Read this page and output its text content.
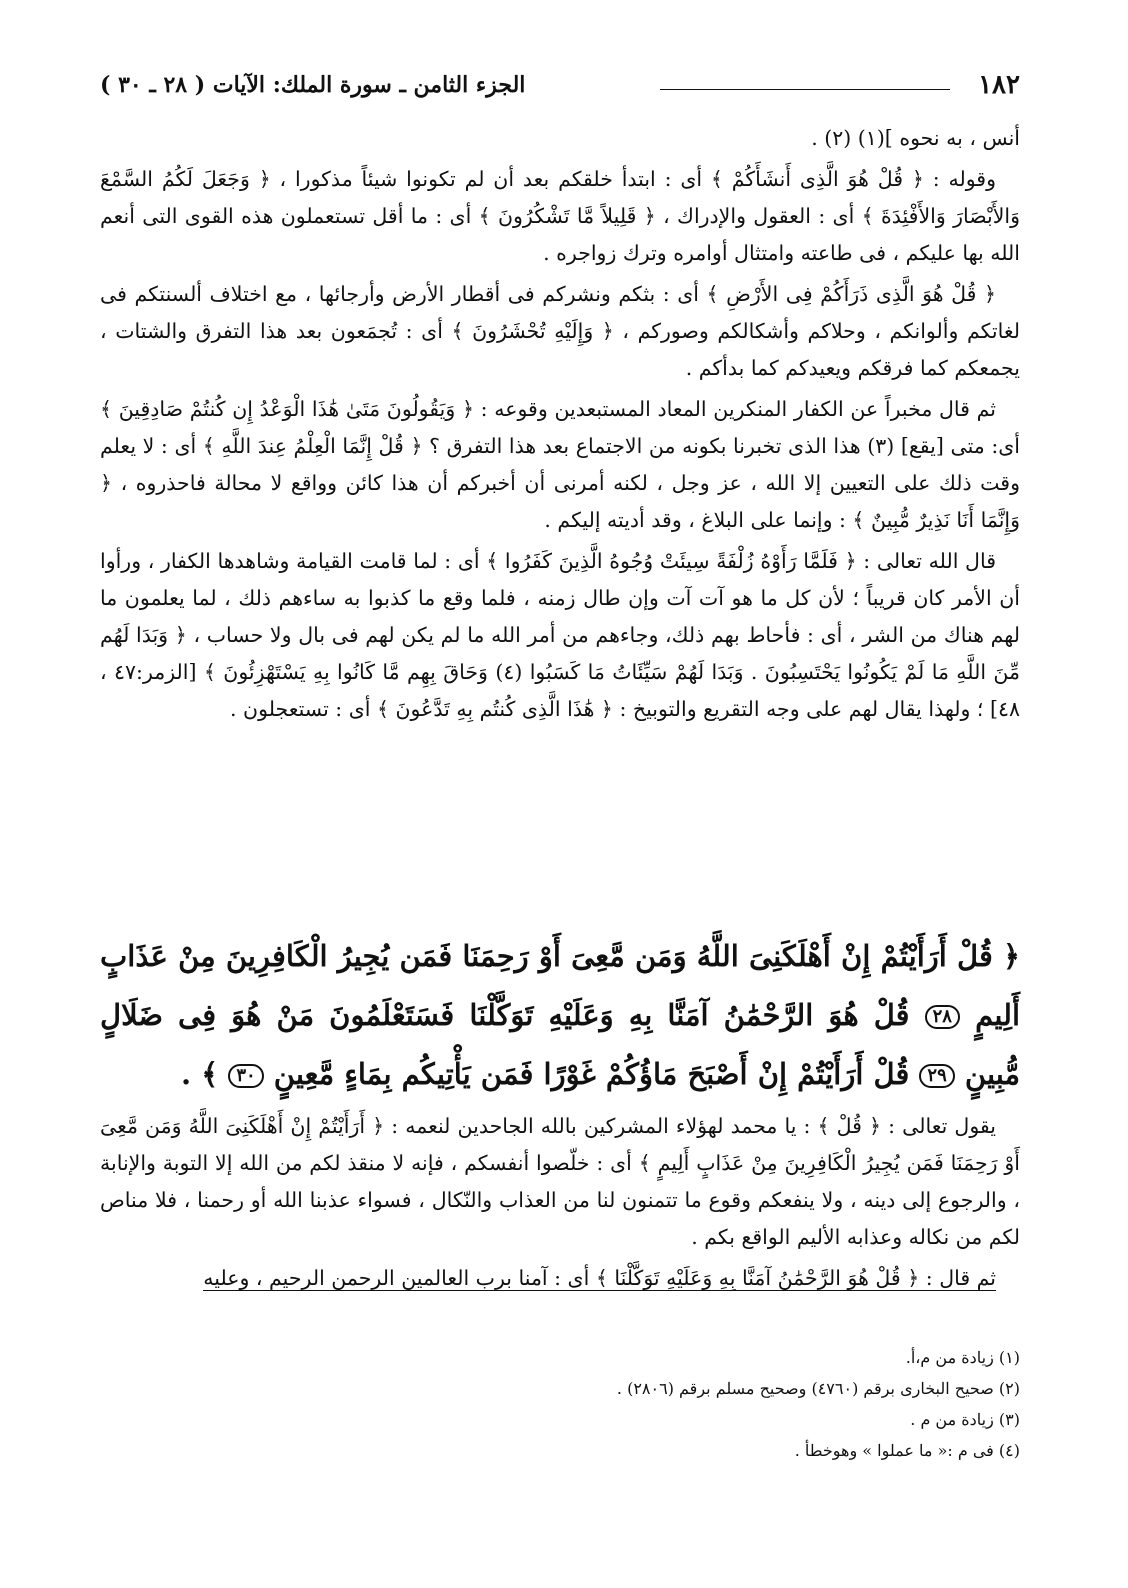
١٨٢
الجزء الثامن ـ سورة الملك: الآيات ( ٢٨ ـ ٣٠ )

أنس ، به نحوه ](١) (٢) .

وقوله : ﴿ قُلْ هُوَ الَّذِى أَنشَأَكُمْ ﴾ أى : ابتدأ خلقكم بعد أن لم تكونوا شيئاً مذكورا ، ﴿ وَجَعَلَ لَكُمُ السَّمْعَ وَالأَبْصَارَ وَالأَفْئِدَةَ ﴾ أى : العقول والإدراك ، ﴿ قَلِيلاً مَّا تَشْكُرُونَ ﴾ أى : ما أقل تستعملون هذه القوى التى أنعم الله بها عليكم ، فى طاعته وامتثال أوامره وترك زواجره .

﴿ قُلْ هُوَ الَّذِى ذَرَأَكُمْ فِى الأَرْضِ ﴾ أى : بثكم ونشركم فى أقطار الأرض وأرجائها ، مع اختلاف ألسنتكم فى لغاتكم وألوانكم ، وحلاكم وأشكالكم وصوركم ، ﴿ وَإِلَيْهِ تُحْشَرُونَ ﴾ أى : تُجمَعون بعد هذا التفرق والشتات ، يجمعكم كما فرقكم ويعيدكم كما بدأكم .

ثم قال مخبراً عن الكفار المنكرين المعاد المستبعدين وقوعه : ﴿ وَيَقُولُونَ مَتَىٰ هَٰذَا الْوَعْدُ إِن كُنتُمْ صَادِقِينَ ﴾ أى: متى [يقع] (٣) هذا الذى تخبرنا بكونه من الاجتماع بعد هذا التفرق ؟ ﴿ قُلْ إِنَّمَا الْعِلْمُ عِندَ اللَّهِ ﴾ أى : لا يعلم وقت ذلك على التعيين إلا الله ، عز وجل ، لكنه أمرنى أن أخبركم أن هذا كائن وواقع لا محالة فاحذروه ، ﴿ وَإِنَّمَا أَنَا نَذِيرٌ مُّبِينٌ ﴾ : وإنما على البلاغ ، وقد أديته إليكم .

قال الله تعالى : ﴿ فَلَمَّا رَأَوْهُ زُلْفَةً سِيئَتْ وُجُوهُ الَّذِينَ كَفَرُوا ﴾ أى : لما قامت القيامة وشاهدها الكفار ، ورأوا أن الأمر كان قريباً ؛ لأن كل ما هو آت آت وإن طال زمنه ، فلما وقع ما كذبوا به ساءهم ذلك ، لما يعلمون ما لهم هناك من الشر ، أى : فأحاط بهم ذلك، وجاءهم من أمر الله ما لم يكن لهم فى بال ولا حساب ، ﴿ وَبَدَا لَهُم مِّنَ اللَّهِ مَا لَمْ يَكُونُوا يَحْتَسِبُونَ . وَبَدَا لَهُمْ سَيِّئَاتُ مَا كَسَبُوا (٤) وَحَاقَ بِهِم مَّا كَانُوا بِهِ يَسْتَهْزِئُونَ ﴾ [الزمر:٤٧ ، ٤٨] ؛ ولهذا يقال لهم على وجه التقريع والتوبيخ : ﴿ هَٰذَا الَّذِى كُنتُم بِهِ تَدَّعُونَ ﴾ أى : تستعجلون .

﴿ قُلْ أَرَأَيْتُمْ إِنْ أَهْلَكَنِىَ اللَّهُ وَمَن مَّعِىَ أَوْ رَحِمَنَا فَمَن يُجِيرُ الْكَافِرِينَ مِنْ عَذَابٍ أَلِيمٍ ٢٨ قُلْ هُوَ الرَّحْمَٰنُ آمَنَّا بِهِ وَعَلَيْهِ تَوَكَّلْنَا فَسَتَعْلَمُونَ مَنْ هُوَ فِى ضَلَالٍ مُّبِينٍ ٢٩ قُلْ أَرَأَيْتُمْ إِنْ أَصْبَحَ مَاؤُكُمْ غَوْرًا فَمَن يَأْتِيكُم بِمَاءٍ مَّعِينٍ ٣٠ ﴾ .

يقول تعالى : ﴿ قُلْ ﴾ : يا محمد لهؤلاء المشركين بالله الجاحدين لنعمه : ﴿ أَرَأَيْتُمْ إِنْ أَهْلَكَنِىَ اللَّهُ وَمَن مَّعِىَ أَوْ رَحِمَنَا فَمَن يُجِيرُ الْكَافِرِينَ مِنْ عَذَابٍ أَلِيمٍ ﴾ أى : خلّصوا أنفسكم ، فإنه لا منقذ لكم من الله إلا التوبة والإنابة ، والرجوع إلى دينه ، ولا ينفعكم وقوع ما تتمنون لنا من العذاب والنّكال ، فسواء عذبنا الله أو رحمنا ، فلا مناص لكم من نكاله وعذابه الأليم الواقع بكم .

ثم قال : ﴿ قُلْ هُوَ الرَّحْمَٰنُ آمَنَّا بِهِ وَعَلَيْهِ تَوَكَّلْنَا ﴾ أى : آمنا برب العالمين الرحمن الرحيم ، وعليه

(١) زيادة من م،أ.
(٢) صحيح البخارى برقم (٤٧٦٠) وصحيح مسلم برقم (٢٨٠٦) .
(٣) زيادة من م .
(٤) فى م :« ما عملوا » وهوخطأ .
